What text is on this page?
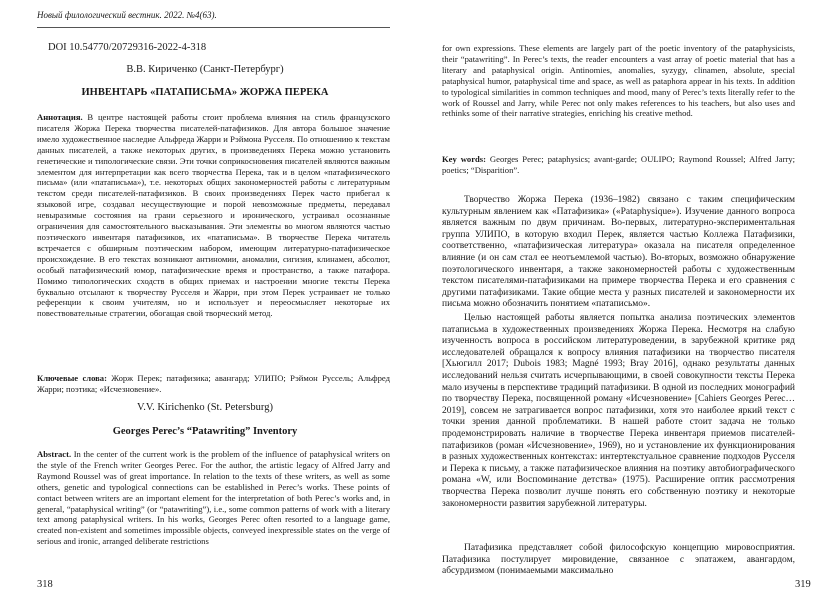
Новый филологический вестник. 2022. №4(63).
DOI 10.54770/20729316-2022-4-318
В.В. Кириченко (Санкт-Петербург)
ИНВЕНТАРЬ «ПАТАПИСЬМА» ЖОРЖА ПЕРЕКА
Аннотация. В центре настоящей работы стоит проблема влияния на стиль французского писателя Жоржа Перека творчества писателей-патафизиков. Для автора большое значение имело художественное наследие Альфреда Жарри и Рэймона Русселя. По отношению к текстам данных писателей, а также некоторых других, в произведениях Перека можно установить генетические и типологические связи. Эти точки соприкосновения писателей являются важным элементом для интерпретации как всего творчества Перека, так и в целом «патафизического письма» (или «патаписьма»), т.е. некоторых общих закономерностей работы с литературным текстом среди писателей-патафизиков. В своих произведениях Перек часто прибегал к языковой игре, создавал несуществующие и порой невозможные предметы, передавал невыразимые состояния на грани серьезного и иронического, устраивал осознанные ограничения для самостоятельного высказывания. Эти элементы во многом являются частью поэтического инвентаря патафизиков, их «патаписьма». В творчестве Перека читатель встречается с обширным поэтическим набором, имеющим литературно-патафизическое происхождение. В его текстах возникают антиномии, аномалии, сигизия, клинамен, абсолют, особый патафизический юмор, патафизические время и пространство, а также патафора. Помимо типологических сходств в общих приемах и настроении многие тексты Перека буквально отсылают к творчеству Русселя и Жарри, при этом Перек устраивает не только референции к своим учителям, но и использует и переосмысляет некоторые их повествовательные стратегии, обогащая свой творческий метод.
Ключевые слова: Жорж Перек; патафизика; авангард; УЛИПО; Рэймон Руссель; Альфред Жарри; поэтика; «Исчезновение».
V.V. Kirichenko (St. Petersburg)
Georges Perec’s “Patawriting” Inventory
Abstract. In the center of the current work is the problem of the influence of pataphysical writers on the style of the French writer Georges Perec. For the author, the artistic legacy of Alfred Jarry and Raymond Roussel was of great importance. In relation to the texts of these writers, as well as some others, genetic and typological connections can be established in Perec’s works. These points of contact between writers are an important element for the interpretation of both Perec’s works and, in general, “pataphysical writing” (or “patawriting”), i.e., some common patterns of work with a literary text among pataphysical writers. In his works, Georges Perec often resorted to a language game, created non-existent and sometimes impossible objects, conveyed inexpressible states on the verge of serious and ironic, arranged deliberate restrictions
318
for own expressions. These elements are largely part of the poetic inventory of the pataphysicists, their “patawriting”. In Perec’s texts, the reader encounters a vast array of poetic material that has a literary and pataphysical origin. Antinomies, anomalies, syzygy, clinamen, absolute, special pataphysical humor, pataphysical time and space, as well as pataphora appear in his texts. In addition to typological similarities in common techniques and mood, many of Perec’s texts literally refer to the work of Roussel and Jarry, while Perec not only makes references to his teachers, but also uses and rethinks some of their narrative strategies, enriching his creative method.
Key words: Georges Perec; pataphysics; avant-garde; OULIPO; Raymond Roussel; Alfred Jarry; poetics; “Disparition”.
Творчество Жоржа Перека (1936–1982) связано с таким специфическим культурным явлением как «Патафизика» («Pataphysique»). Изучение данного вопроса является важным по двум причинам. Во-первых, литературно-экспериментальная группа УЛИПО, в которую входил Перек, является частью Коллежа Патафизики, соответственно, «патафизическая литература» оказала на писателя определенное влияние (и он сам стал ее неотъемлемой частью). Во-вторых, возможно обнаружение поэтологического инвентаря, а также закономерностей работы с художественным текстом писателями-патафизиками на примере творчества Перека и его сравнения с другими патафизиками. Такие общие места у разных писателей и закономерности их письма можно обозначить понятием «патаписьмо».
Целью настоящей работы является попытка анализа поэтических элементов патаписьма в художественных произведениях Жоржа Перека. Несмотря на слабую изученность вопроса в российском литературоведении, в зарубежной критике ряд исследователей обращался к вопросу влияния патафизики на творчество писателя [Хьюгилл 2017; Dubois 1983; Magné 1993; Bray 2016], однако результаты данных исследований нельзя считать исчерпывающими, в своей совокупности тексты Перека мало изучены в перспективе традиций патафизики. В одной из последних монографий по творчеству Перека, посвященной роману «Исчезновение» [Cahiers Georges Perec… 2019], совсем не затрагивается вопрос патафизики, хотя это наиболее яркий текст с точки зрения данной проблематики. В нашей работе стоит задача не только продемонстрировать наличие в творчестве Перека инвентаря приемов писателей-патафизиков (роман «Исчезновение», 1969), но и установление их функционирования в разных художественных контекстах: интертекстуальное сравнение подходов Русселя и Перека к письму, а также патафизическое влияния на поэтику автобиографического романа «W, или Воспоминание детства» (1975). Расширение оптик рассмотрения творчества Перека позволит лучше понять его собственную поэтику и некоторые закономерности развития зарубежной литературы.
Патафизика представляет собой философскую концепцию мировосприятия. Патафизика постулирует мировидение, связанное с эпатажем, авангардом, абсурдизмом (понимаемыми максимально
319
